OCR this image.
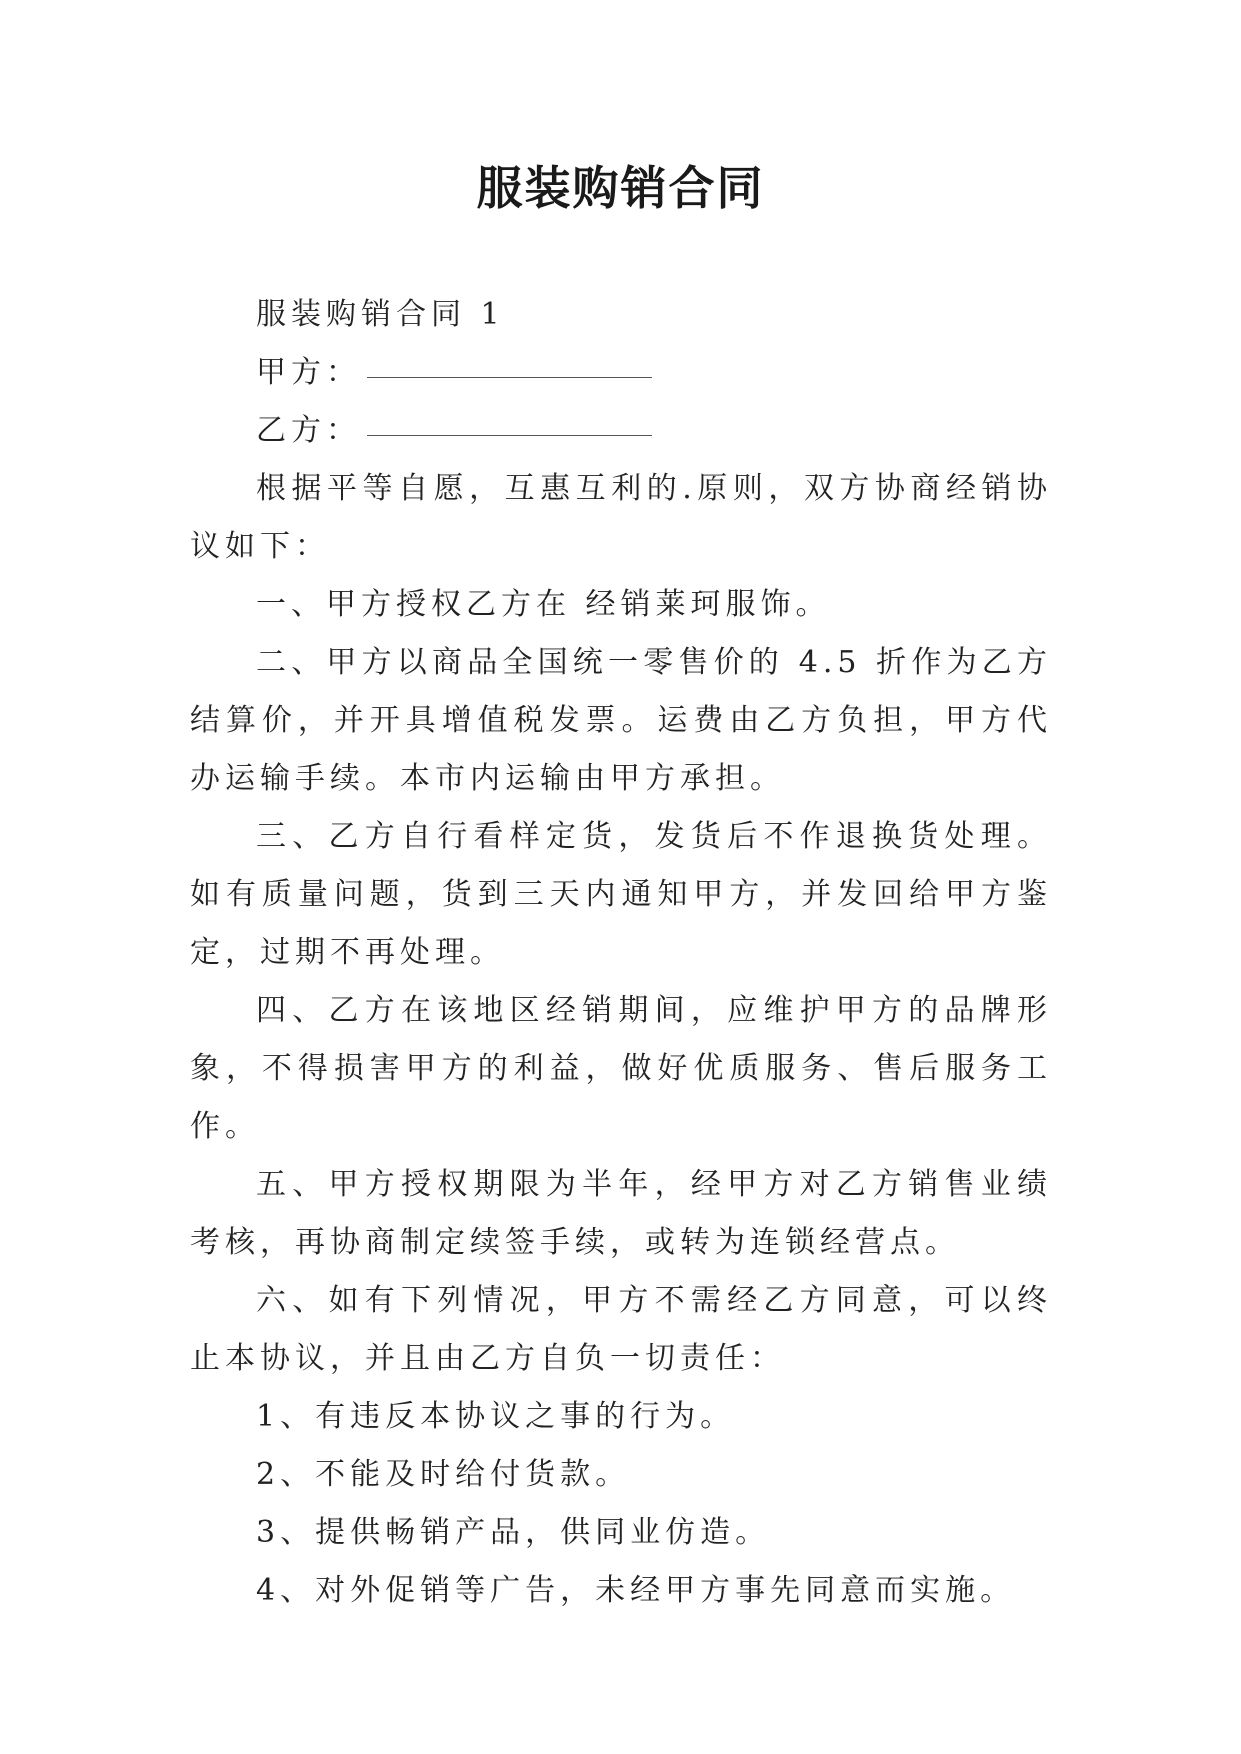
服装购销合同

服装购销合同 1

甲方：

乙方：

根据平等自愿，互惠互利的.原则，双方协商经销协议如下：

一、甲方授权乙方在 经销莱珂服饰。

二、甲方以商品全国统一零售价的 4.5 折作为乙方结算价，并开具增值税发票。运费由乙方负担，甲方代办运输手续。本市内运输由甲方承担。

三、乙方自行看样定货，发货后不作退换货处理。如有质量问题，货到三天内通知甲方，并发回给甲方鉴定，过期不再处理。

四、乙方在该地区经销期间，应维护甲方的品牌形象，不得损害甲方的利益，做好优质服务、售后服务工作。

五、甲方授权期限为半年，经甲方对乙方销售业绩考核，再协商制定续签手续，或转为连锁经营点。

六、如有下列情况，甲方不需经乙方同意，可以终止本协议，并且由乙方自负一切责任：

1、有违反本协议之事的行为。

2、不能及时给付货款。

3、提供畅销产品，供同业仿造。

4、对外促销等广告，未经甲方事先同意而实施。
